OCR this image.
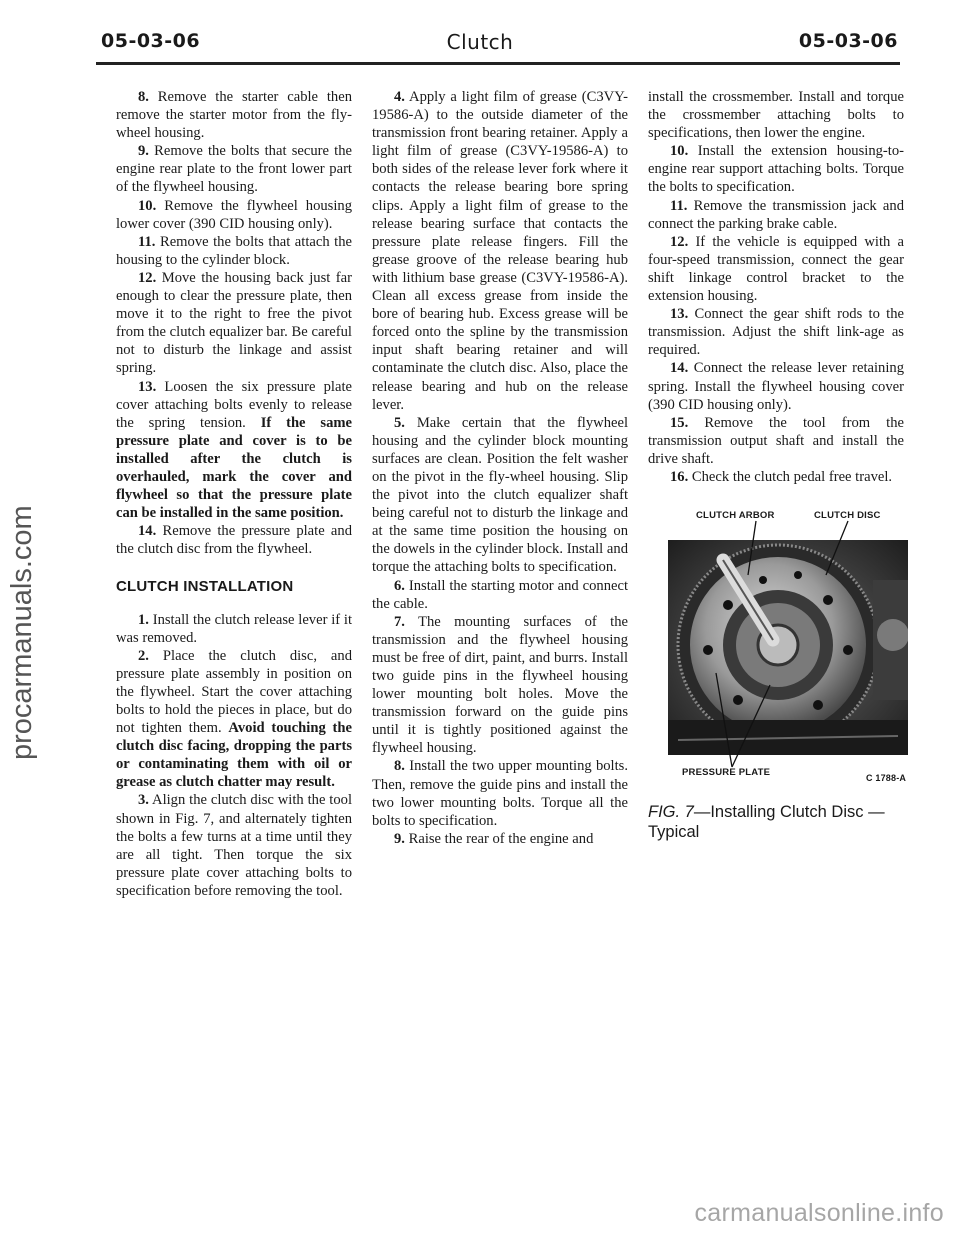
05-03-06	Clutch	05-03-06

8. Remove the starter cable then remove the starter motor from the fly-wheel housing.

9. Remove the bolts that secure the engine rear plate to the front lower part of the flywheel housing.

10. Remove the flywheel housing lower cover (390 CID housing only).

11. Remove the bolts that attach the housing to the cylinder block.

12. Move the housing back just far enough to clear the pressure plate, then move it to the right to free the pivot from the clutch equalizer bar. Be careful not to disturb the linkage and assist spring.

13. Loosen the six pressure plate cover attaching bolts evenly to release the spring tension. If the same pressure plate and cover is to be installed after the clutch is overhauled, mark the cover and flywheel so that the pressure plate can be installed in the same position.

14. Remove the pressure plate and the clutch disc from the flywheel.

CLUTCH INSTALLATION

1. Install the clutch release lever if it was removed.

2. Place the clutch disc, and pressure plate assembly in position on the flywheel. Start the cover attaching bolts to hold the pieces in place, but do not tighten them. Avoid touching the clutch disc facing, dropping the parts or contaminating them with oil or grease as clutch chatter may result.

3. Align the clutch disc with the tool shown in Fig. 7, and alternately tighten the bolts a few turns at a time until they are all tight. Then torque the six pressure plate cover attaching bolts to specification before removing the tool.

4. Apply a light film of grease (C3VY-19586-A) to the outside diameter of the transmission front bearing retainer. Apply a light film of grease (C3VY-19586-A) to both sides of the release lever fork where it contacts the release bearing bore spring clips. Apply a light film of grease to the release bearing surface that contacts the pressure plate release fingers. Fill the grease groove of the release bearing hub with lithium base grease (C3VY-19586-A). Clean all excess grease from inside the bore of bearing hub. Excess grease will be forced onto the spline by the transmission input shaft bearing retainer and will contaminate the clutch disc. Also, place the release bearing and hub on the release lever.

5. Make certain that the flywheel housing and the cylinder block mounting surfaces are clean. Position the felt washer on the pivot in the fly-wheel housing. Slip the pivot into the clutch equalizer shaft being careful not to disturb the linkage and at the same time position the housing on the dowels in the cylinder block. Install and torque the attaching bolts to specification.

6. Install the starting motor and connect the cable.

7. The mounting surfaces of the transmission and the flywheel housing must be free of dirt, paint, and burrs. Install two guide pins in the flywheel housing lower mounting bolt holes. Move the transmission forward on the guide pins until it is tightly positioned against the flywheel housing.

8. Install the two upper mounting bolts. Then, remove the guide pins and install the two lower mounting bolts. Torque all the bolts to specification.

9. Raise the rear of the engine and

install the crossmember. Install and torque the crossmember attaching bolts to specifications, then lower the engine.

10. Install the extension housing-to-engine rear support attaching bolts. Torque the bolts to specification.

11. Remove the transmission jack and connect the parking brake cable.

12. If the vehicle is equipped with a four-speed transmission, connect the gear shift linkage control bracket to the extension housing.

13. Connect the gear shift rods to the transmission. Adjust the shift link-age as required.

14. Connect the release lever retaining spring. Install the flywheel housing cover (390 CID housing only).

15. Remove the tool from the transmission output shaft and install the drive shaft.

16. Check the clutch pedal free travel.

CLUTCH ARBOR	CLUTCH DISC
PRESSURE PLATE	C 1788-A
FIG. 7—Installing Clutch Disc — Typical
procarmanuals.com
carmanualsonline.info
